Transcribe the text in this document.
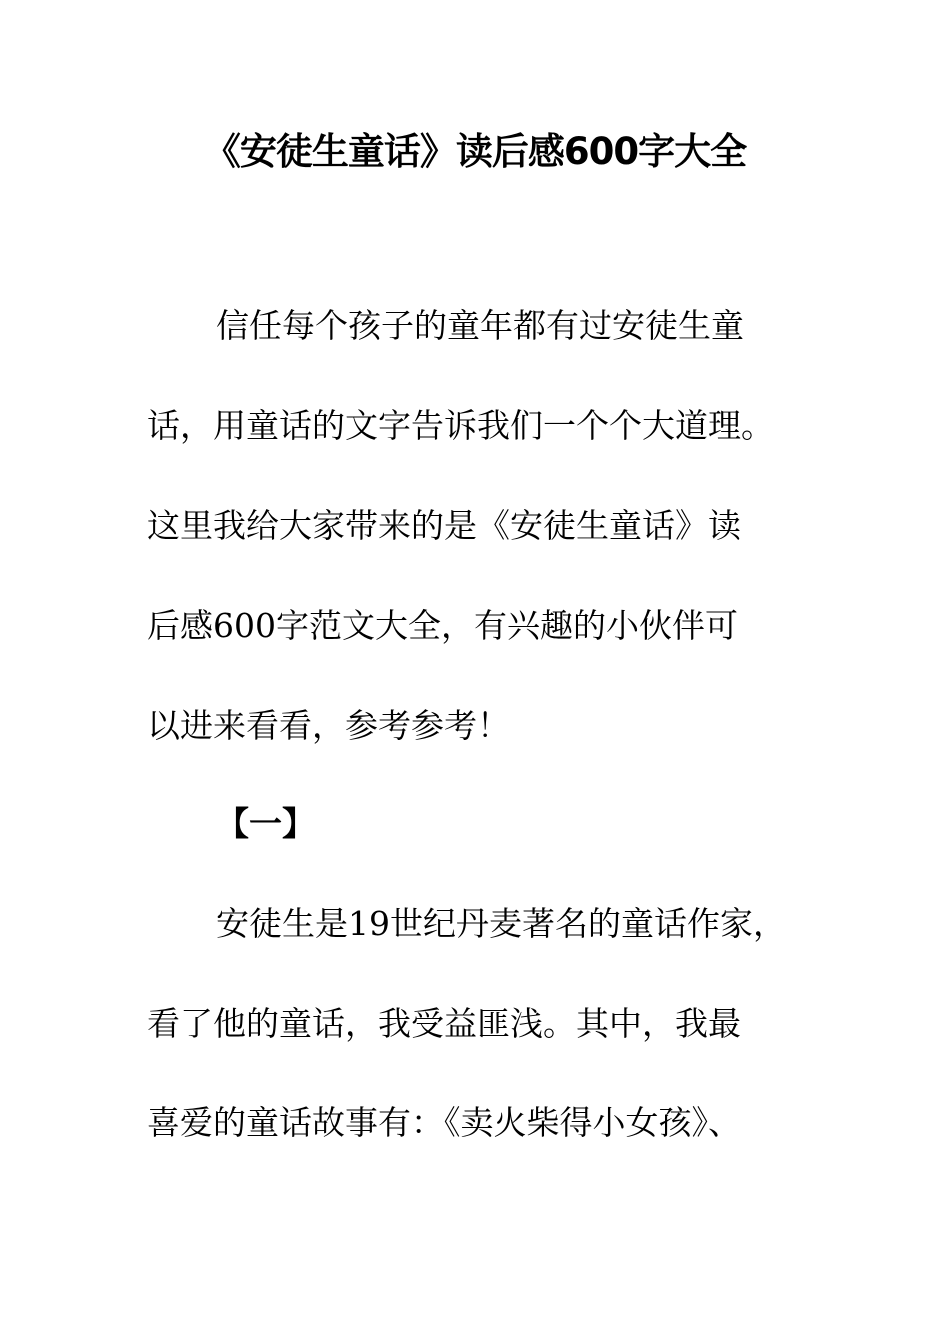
《安徒生童话》读后感600字大全
信任每个孩子的童年都有过安徒生童
话，用童话的文字告诉我们一个个大道理。
这里我给大家带来的是《安徒生童话》读
后感600字范文大全，有兴趣的小伙伴可
以进来看看，参考参考！
【一】
安徒生是19世纪丹麦著名的童话作家，
看了他的童话，我受益匪浅。其中，我最
喜爱的童话故事有：《卖火柴得小女孩》、
